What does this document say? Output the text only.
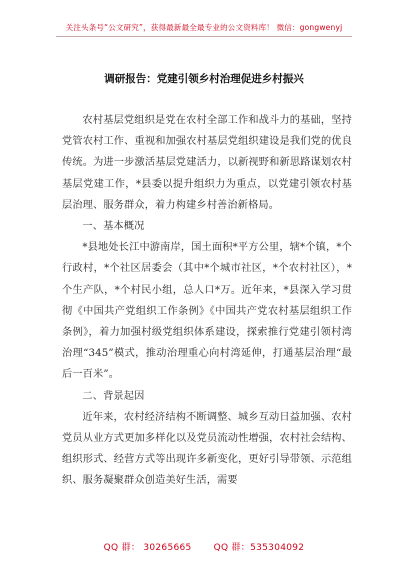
关注头条号“公文研究”，获得最新最全最专业的公文资料库！ 微信：gongwenyj
调研报告：党建引领乡村治理促进乡村振兴

农村基层党组织是党在农村全部工作和战斗力的基础，坚持党管农村工作、重视和加强农村基层党组织建设是我们党的优良传统。为进一步激活基层党建活力，以新视野和新思路谋划农村基层党建工作，*县委以提升组织力为重点，以党建引领农村基层治理、服务群众，着力构建乡村善治新格局。

一、基本概况

*县地处长江中游南岸，国土面积*平方公里，辖*个镇，*个行政村，*个社区居委会（其中*个城市社区，*个农村社区），*个生产队，*个村民小组，总人口*万。近年来，*县深入学习贯彻《中国共产党组织工作条例》《中国共产党农村基层组织工作条例》，着力加强村级党组织体系建设，探索推行党建引领村湾治理“345”模式，推动治理重心向村湾延伸，打通基层治理“最后一百米”。

二、背景起因

近年来，农村经济结构不断调整、城乡互动日益加强、农村党员从业方式更加多样化以及党员流动性增强，农村社会结构、组织形式、经营方式等出现许多新变化，更好引导带领、示范组织、服务凝聚群众创造美好生活，需要

QQ 群： 30265665 QQ 群：535304092
